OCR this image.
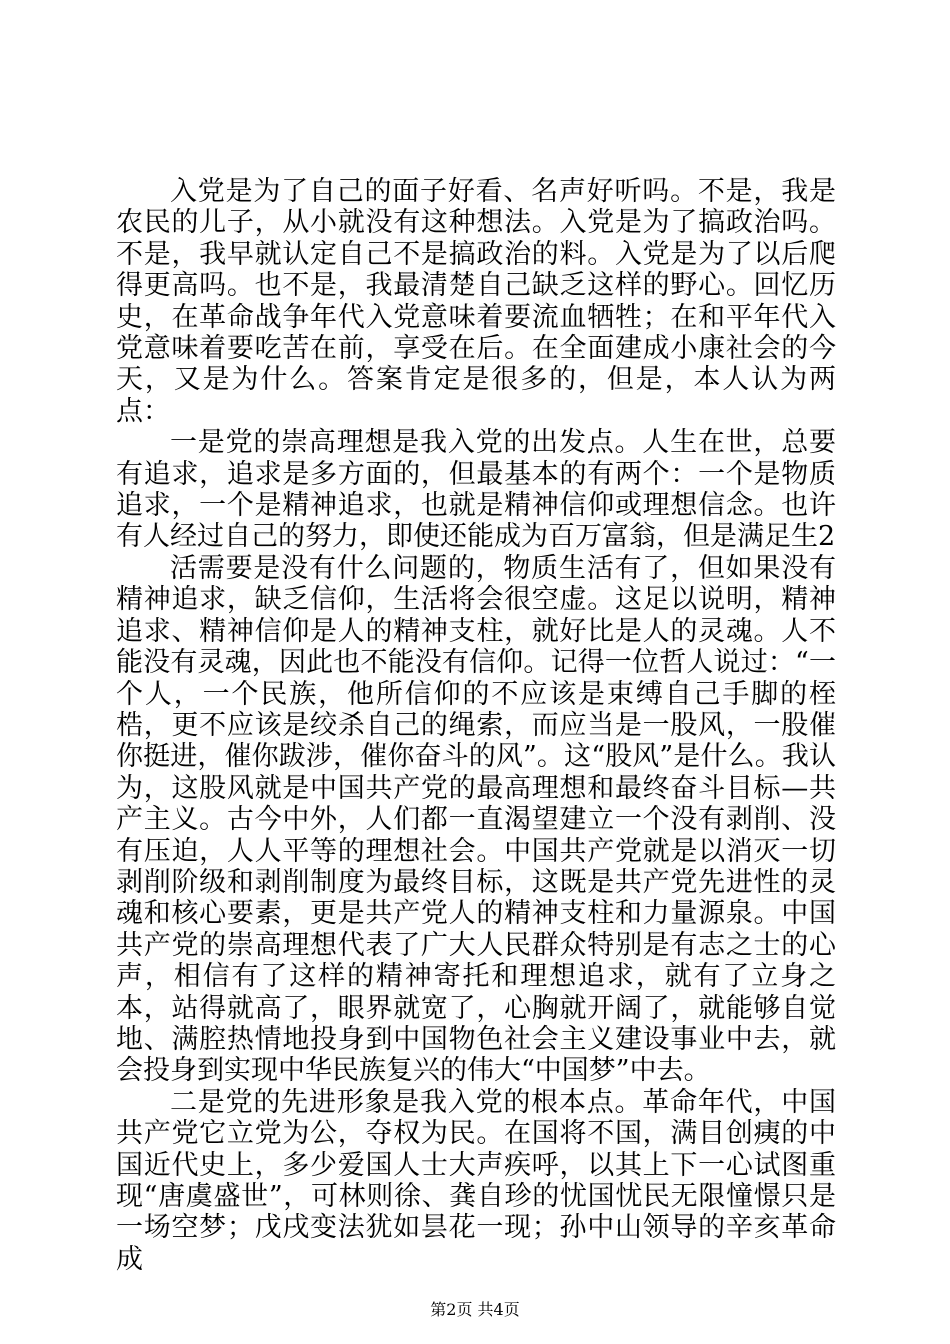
入党是为了自己的面子好看、名声好听吗。不是，我是农民的儿子，从小就没有这种想法。入党是为了搞政治吗。不是，我早就认定自己不是搞政治的料。入党是为了以后爬得更高吗。也不是，我最清楚自己缺乏这样的野心。回忆历史，在革命战争年代入党意味着要流血牺牲；在和平年代入党意味着要吃苦在前，享受在后。在全面建成小康社会的今天，又是为什么。答案肯定是很多的，但是，本人认为两点：

一是党的崇高理想是我入党的出发点。人生在世，总要有追求，追求是多方面的，但最基本的有两个：一个是物质追求，一个是精神追求，也就是精神信仰或理想信念。也许有人经过自己的努力，即使还能成为百万富翁，但是满足生2

活需要是没有什么问题的，物质生活有了，但如果没有精神追求，缺乏信仰，生活将会很空虚。这足以说明，精神追求、精神信仰是人的精神支柱，就好比是人的灵魂。人不能没有灵魂，因此也不能没有信仰。记得一位哲人说过：“一个人，一个民族，他所信仰的不应该是束缚自己手脚的桎梏，更不应该是绞杀自己的绳索，而应当是一股风，一股催你挺进，催你跋涉，催你奋斗的风”。这“股风”是什么。我认为，这股风就是中国共产党的最高理想和最终奋斗目标—共产主义。古今中外，人们都一直渴望建立一个没有剥削、没有压迫，人人平等的理想社会。中国共产党就是以消灭一切剥削阶级和剥削制度为最终目标，这既是共产党先进性的灵魂和核心要素，更是共产党人的精神支柱和力量源泉。中国共产党的崇高理想代表了广大人民群众特别是有志之士的心声，相信有了这样的精神寄托和理想追求，就有了立身之本，站得就高了，眼界就宽了，心胸就开阔了，就能够自觉地、满腔热情地投身到中国物色社会主义建设事业中去，就会投身到实现中华民族复兴的伟大“中国梦”中去。

二是党的先进形象是我入党的根本点。革命年代，中国共产党它立党为公，夺权为民。在国将不国，满目创痍的中国近代史上，多少爱国人士大声疾呼，以其上下一心试图重现“唐虞盛世”，可林则徐、龚自珍的忧国忧民无限憧憬只是一场空梦；戊戌变法犹如昙花一现；孙中山领导的辛亥革命成

第2页 共4页
